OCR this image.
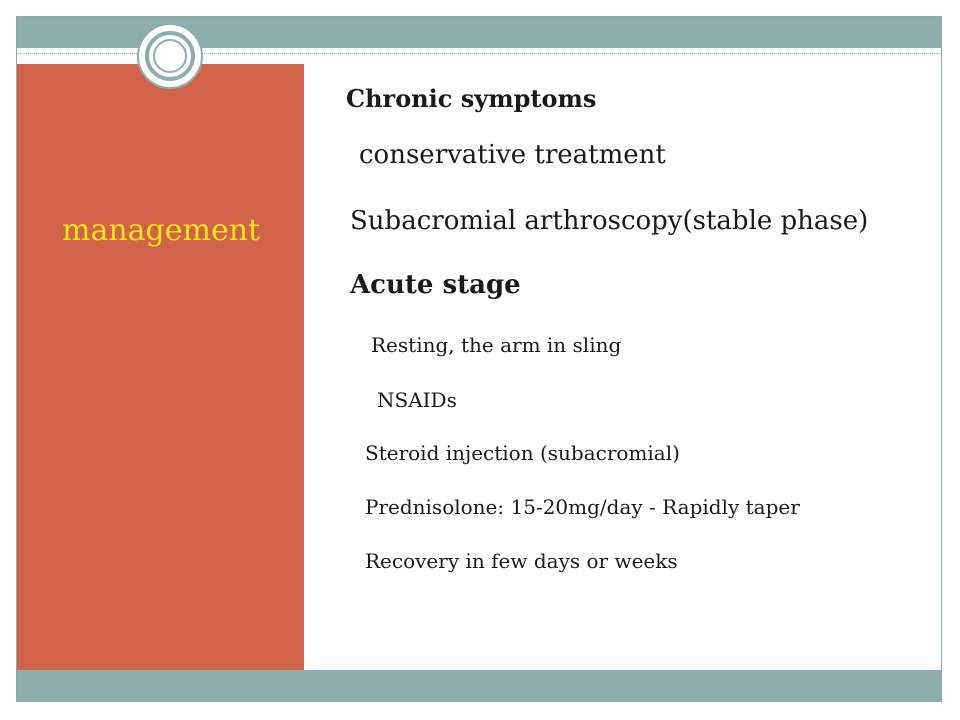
management
Chronic symptoms
conservative treatment
Subacromial arthroscopy(stable phase)
Acute stage
Resting, the arm in sling
NSAIDs
Steroid injection (subacromial)
Prednisolone: 15-20mg/day - Rapidly taper
Recovery in few days or weeks
